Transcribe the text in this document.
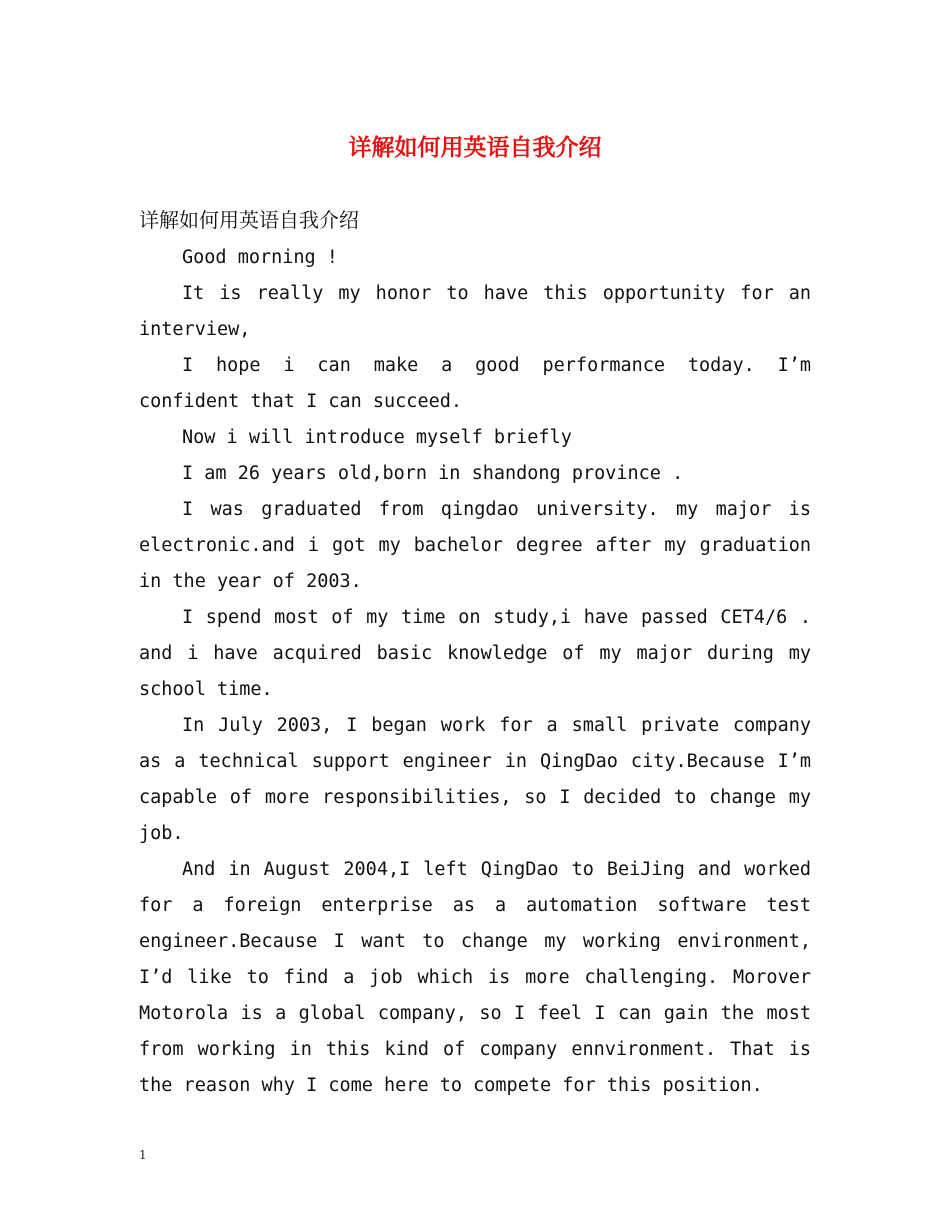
详解如何用英语自我介绍
详解如何用英语自我介绍

Good morning !

It is really my honor to have this opportunity for an interview,

I hope i can make a good performance today. I’m confident that I can succeed.

Now i will introduce myself briefly

I am 26 years old,born in shandong province .

I was graduated from qingdao university. my major is electronic.and i got my bachelor degree after my graduation in the year of 2003.

I spend most of my time on study,i have passed CET4/6 . and i have acquired basic knowledge of my major during my school time.

In July 2003, I began work for a small private company as a technical support engineer in QingDao city.Because I’m capable of more responsibilities, so I decided to change my job.

And in August 2004,I left QingDao to BeiJing and worked for a foreign enterprise as a automation software test engineer.Because I want to change my working environment, I’d like to find a job which is more challenging. Morover Motorola is a global company, so I feel I can gain the most from working in this kind of company ennvironment. That is the reason why I come here to compete for this position.

1
